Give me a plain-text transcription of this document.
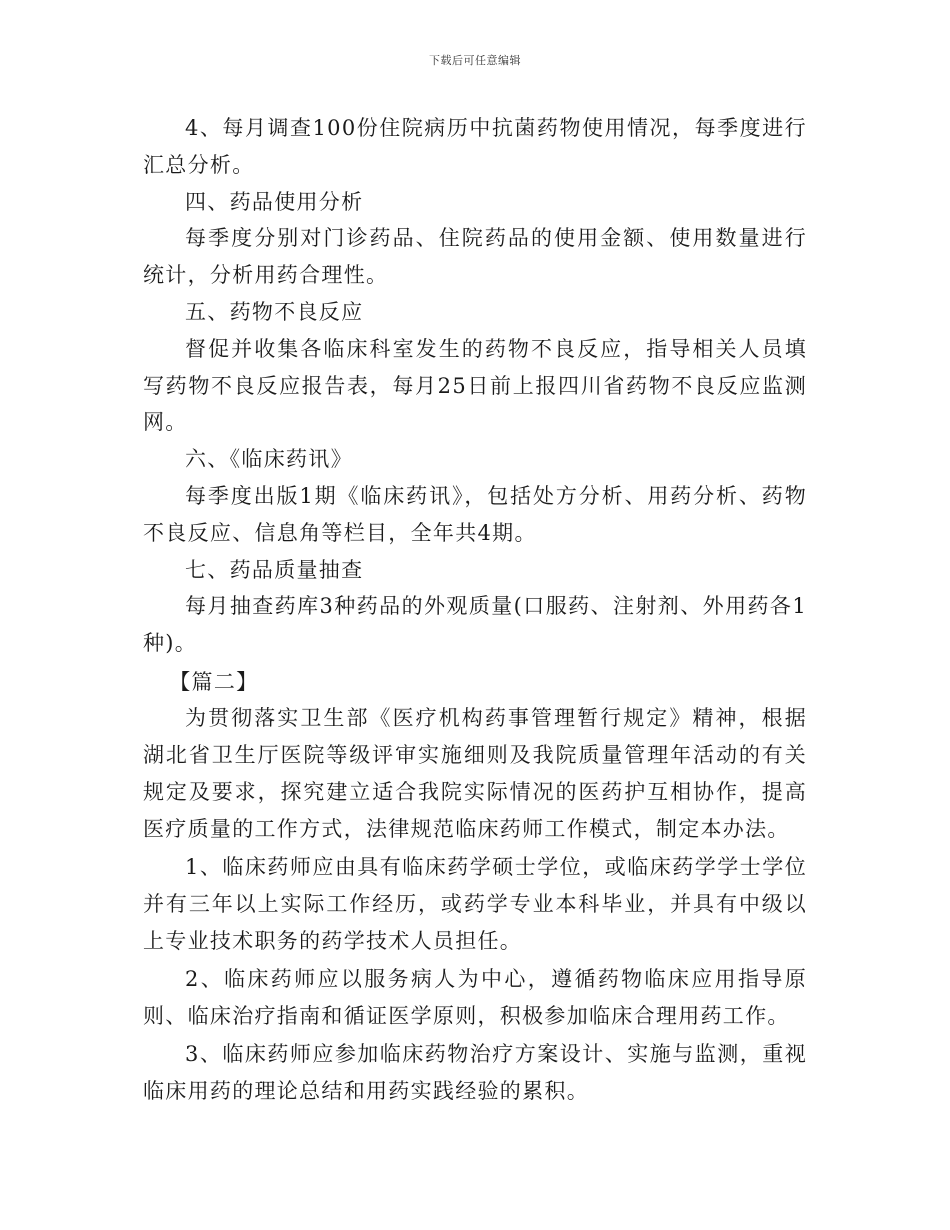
下载后可任意编辑

4、每月调查100份住院病历中抗菌药物使用情况，每季度进行汇总分析。

四、药品使用分析

每季度分别对门诊药品、住院药品的使用金额、使用数量进行统计，分析用药合理性。

五、药物不良反应

督促并收集各临床科室发生的药物不良反应，指导相关人员填写药物不良反应报告表，每月25日前上报四川省药物不良反应监测网。

六、《临床药讯》

每季度出版1期《临床药讯》，包括处方分析、用药分析、药物不良反应、信息角等栏目，全年共4期。

七、药品质量抽查

每月抽查药库3种药品的外观质量(口服药、注射剂、外用药各1种)。

【篇二】

为贯彻落实卫生部《医疗机构药事管理暂行规定》精神，根据湖北省卫生厅医院等级评审实施细则及我院质量管理年活动的有关规定及要求，探究建立适合我院实际情况的医药护互相协作，提高医疗质量的工作方式，法律规范临床药师工作模式，制定本办法。

1、临床药师应由具有临床药学硕士学位，或临床药学学士学位并有三年以上实际工作经历，或药学专业本科毕业，并具有中级以上专业技术职务的药学技术人员担任。

2、临床药师应以服务病人为中心，遵循药物临床应用指导原则、临床治疗指南和循证医学原则，积极参加临床合理用药工作。

3、临床药师应参加临床药物治疗方案设计、实施与监测，重视临床用药的理论总结和用药实践经验的累积。
